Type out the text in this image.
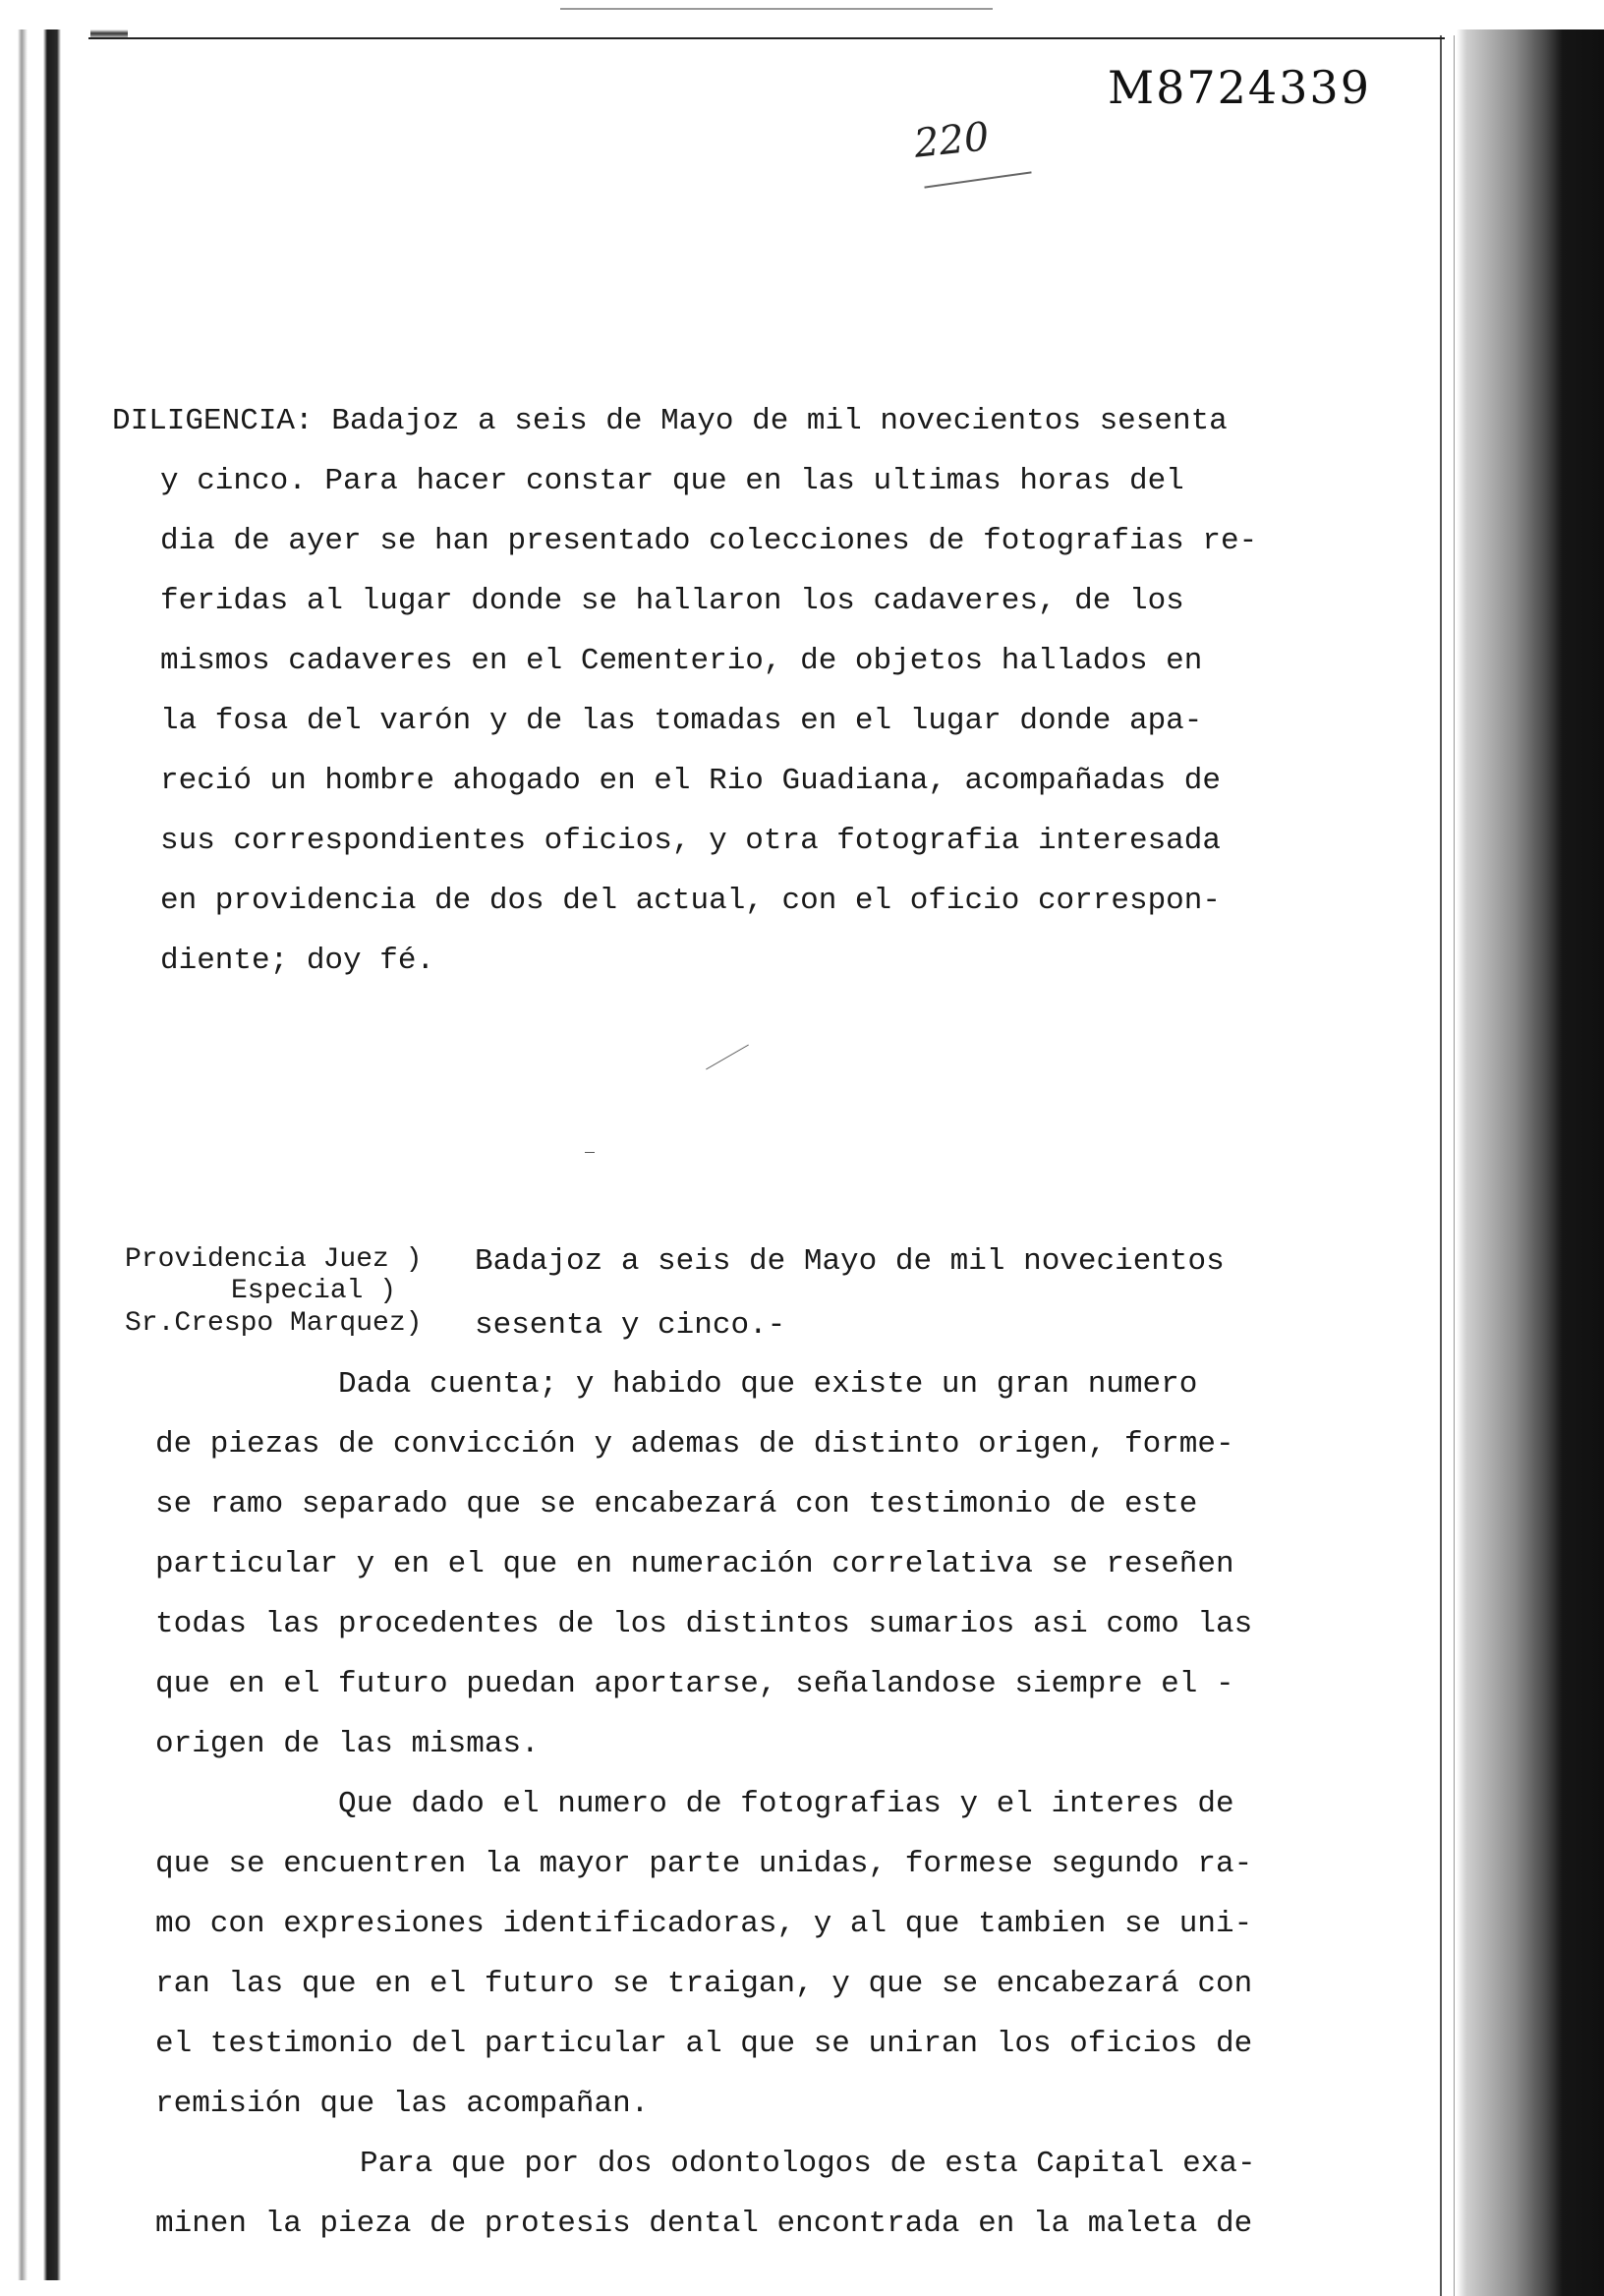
M8724339
220
DILIGENCIA: Badajoz a seis de Mayo de mil novecientos sesenta
y cinco. Para hacer constar que en las ultimas horas del
dia de ayer se han presentado colecciones de fotografias re-
feridas al lugar donde se hallaron los cadaveres, de los
mismos cadaveres en el Cementerio, de objetos hallados en
la fosa del varón y de las tomadas en el lugar donde apa-
reció un hombre ahogado en el Rio Guadiana, acompañadas de
sus correspondientes oficios, y otra fotografia interesada
en providencia de dos del actual, con el oficio correspon-
diente; doy fé.
Providencia Juez )
Especial )
Sr.Crespo Marquez)
Badajoz a seis de Mayo de mil novecientos
sesenta y cinco.-
Dada cuenta; y habido que existe un gran numero
de piezas de convicción y ademas de distinto origen, forme-
se ramo separado que se encabezará con testimonio de este
particular y en el que en numeración correlativa se reseñen
todas las procedentes de los distintos sumarios asi como las
que en el futuro puedan aportarse, señalandose siempre el -
origen de las mismas.
Que dado el numero de fotografias y el interes de
que se encuentren la mayor parte unidas, formese segundo ra-
mo con expresiones identificadoras, y al que tambien se uni-
ran las que en el futuro se traigan, y que se encabezará con
el testimonio del particular al que se uniran los oficios de
remisión que las acompañan.
Para que por dos odontologos de esta Capital exa-
minen la pieza de protesis dental encontrada en la maleta de
